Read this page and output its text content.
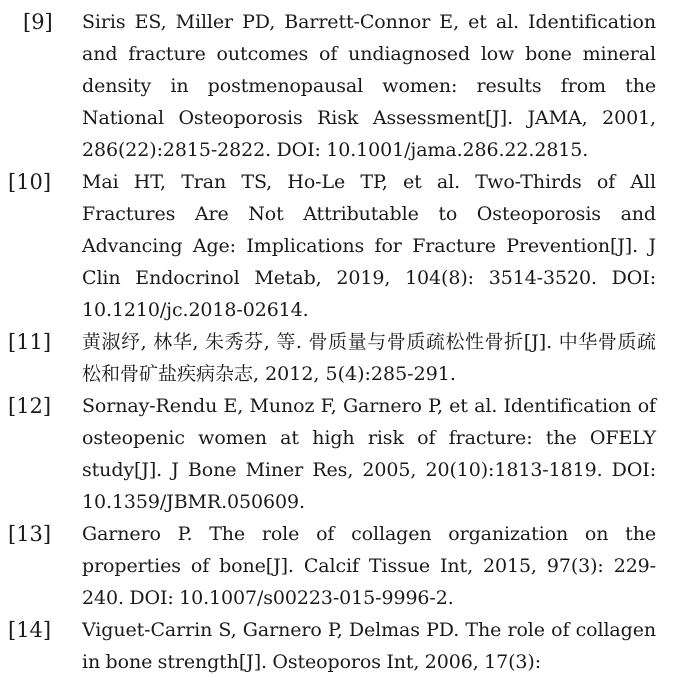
[9]	Siris ES, Miller PD, Barrett-Connor E, et al. Identification and fracture outcomes of undiagnosed low bone mineral density in postmenopausal women: results from the National Osteoporosis Risk Assessment[J]. JAMA, 2001, 286(22):2815-2822. DOI: 10.1001/jama.286.22.2815.
[10]	Mai HT, Tran TS, Ho-Le TP, et al. Two-Thirds of All Fractures Are Not Attributable to Osteoporosis and Advancing Age: Implications for Fracture Prevention[J]. J Clin Endocrinol Metab, 2019, 104(8): 3514-3520. DOI: 10.1210/jc.2018-02614.
[11]	黄淑纾, 林华, 朱秀芬, 等. 骨质量与骨质疏松性骨折[J]. 中华骨质疏松和骨矿盐疾病杂志, 2012, 5(4):285-291.
[12]	Sornay-Rendu E, Munoz F, Garnero P, et al. Identification of osteopenic women at high risk of fracture: the OFELY study[J]. J Bone Miner Res, 2005, 20(10):1813-1819. DOI: 10.1359/JBMR.050609.
[13]	Garnero P. The role of collagen organization on the properties of bone[J]. Calcif Tissue Int, 2015, 97(3): 229-240. DOI: 10.1007/s00223-015-9996-2.
[14]	Viguet-Carrin S, Garnero P, Delmas PD. The role of collagen in bone strength[J]. Osteoporos Int, 2006, 17(3):
